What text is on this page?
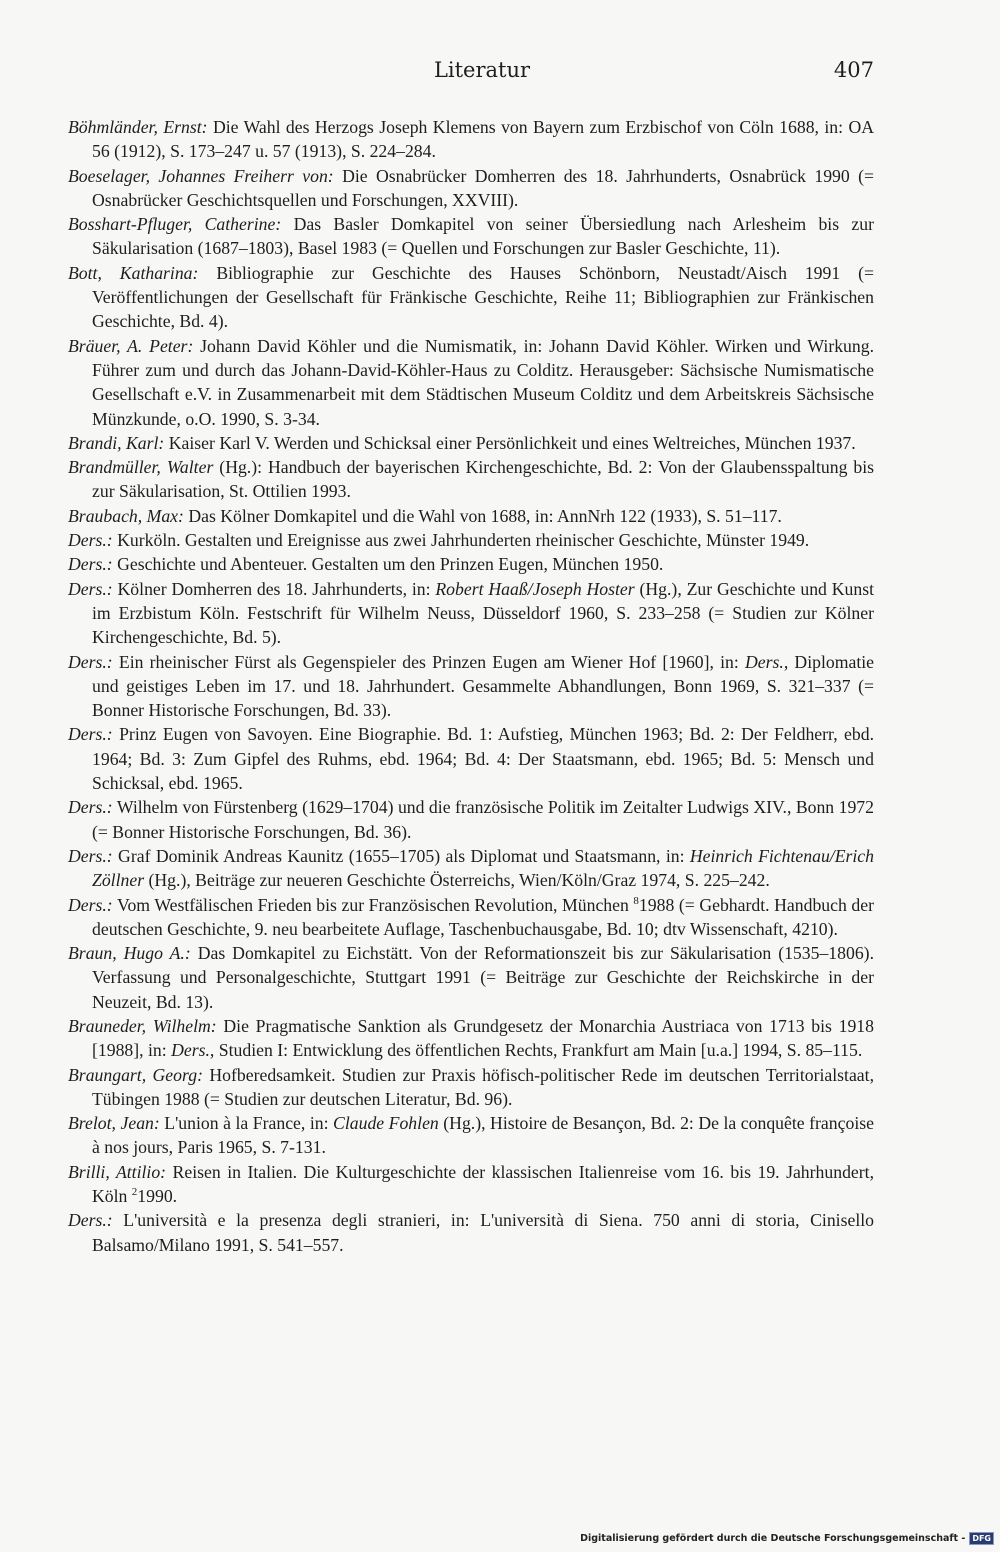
Literatur	407

Böhmländer, Ernst: Die Wahl des Herzogs Joseph Klemens von Bayern zum Erzbischof von Cöln 1688, in: OA 56 (1912), S. 173–247 u. 57 (1913), S. 224–284.

Boeselager, Johannes Freiherr von: Die Osnabrücker Domherren des 18. Jahrhunderts, Osnabrück 1990 (= Osnabrücker Geschichtsquellen und Forschungen, XXVIII).

Bosshart-Pfluger, Catherine: Das Basler Domkapitel von seiner Übersiedlung nach Arlesheim bis zur Säkularisation (1687–1803), Basel 1983 (= Quellen und Forschungen zur Basler Geschichte, 11).

Bott, Katharina: Bibliographie zur Geschichte des Hauses Schönborn, Neustadt/Aisch 1991 (= Veröffentlichungen der Gesellschaft für Fränkische Geschichte, Reihe 11; Bibliographien zur Fränkischen Geschichte, Bd. 4).

Bräuer, A. Peter: Johann David Köhler und die Numismatik, in: Johann David Köhler. Wirken und Wirkung. Führer zum und durch das Johann-David-Köhler-Haus zu Colditz. Herausgeber: Sächsische Numismatische Gesellschaft e.V. in Zusammenarbeit mit dem Städtischen Museum Colditz und dem Arbeitskreis Sächsische Münzkunde, o.O. 1990, S. 3-34.

Brandi, Karl: Kaiser Karl V. Werden und Schicksal einer Persönlichkeit und eines Weltreiches, München 1937.

Brandmüller, Walter (Hg.): Handbuch der bayerischen Kirchengeschichte, Bd. 2: Von der Glaubensspaltung bis zur Säkularisation, St. Ottilien 1993.

Braubach, Max: Das Kölner Domkapitel und die Wahl von 1688, in: AnnNrh 122 (1933), S. 51–117.

Ders.: Kurköln. Gestalten und Ereignisse aus zwei Jahrhunderten rheinischer Geschichte, Münster 1949.

Ders.: Geschichte und Abenteuer. Gestalten um den Prinzen Eugen, München 1950.

Ders.: Kölner Domherren des 18. Jahrhunderts, in: Robert Haaß/Joseph Hoster (Hg.), Zur Geschichte und Kunst im Erzbistum Köln. Festschrift für Wilhelm Neuss, Düsseldorf 1960, S. 233–258 (= Studien zur Kölner Kirchengeschichte, Bd. 5).

Ders.: Ein rheinischer Fürst als Gegenspieler des Prinzen Eugen am Wiener Hof [1960], in: Ders., Diplomatie und geistiges Leben im 17. und 18. Jahrhundert. Gesammelte Abhandlungen, Bonn 1969, S. 321–337 (= Bonner Historische Forschungen, Bd. 33).

Ders.: Prinz Eugen von Savoyen. Eine Biographie. Bd. 1: Aufstieg, München 1963; Bd. 2: Der Feldherr, ebd. 1964; Bd. 3: Zum Gipfel des Ruhms, ebd. 1964; Bd. 4: Der Staatsmann, ebd. 1965; Bd. 5: Mensch und Schicksal, ebd. 1965.

Ders.: Wilhelm von Fürstenberg (1629–1704) und die französische Politik im Zeitalter Ludwigs XIV., Bonn 1972 (= Bonner Historische Forschungen, Bd. 36).

Ders.: Graf Dominik Andreas Kaunitz (1655–1705) als Diplomat und Staatsmann, in: Heinrich Fichtenau/Erich Zöllner (Hg.), Beiträge zur neueren Geschichte Österreichs, Wien/Köln/Graz 1974, S. 225–242.

Ders.: Vom Westfälischen Frieden bis zur Französischen Revolution, München $^8$1988 (= Gebhardt. Handbuch der deutschen Geschichte, 9. neu bearbeitete Auflage, Taschenbuchausgabe, Bd. 10; dtv Wissenschaft, 4210).

Braun, Hugo A.: Das Domkapitel zu Eichstätt. Von der Reformationszeit bis zur Säkularisation (1535–1806). Verfassung und Personalgeschichte, Stuttgart 1991 (= Beiträge zur Geschichte der Reichskirche in der Neuzeit, Bd. 13).

Brauneder, Wilhelm: Die Pragmatische Sanktion als Grundgesetz der Monarchia Austriaca von 1713 bis 1918 [1988], in: Ders., Studien I: Entwicklung des öffentlichen Rechts, Frankfurt am Main [u.a.] 1994, S. 85–115.

Braungart, Georg: Hofberedsamkeit. Studien zur Praxis höfisch-politischer Rede im deutschen Territorialstaat, Tübingen 1988 (= Studien zur deutschen Literatur, Bd. 96).

Brelot, Jean: L'union à la France, in: Claude Fohlen (Hg.), Histoire de Besançon, Bd. 2: De la conquête françoise à nos jours, Paris 1965, S. 7-131.

Brilli, Attilio: Reisen in Italien. Die Kulturgeschichte der klassischen Italienreise vom 16. bis 19. Jahrhundert, Köln $^2$1990.

Ders.: L'università e la presenza degli stranieri, in: L'università di Siena. 750 anni di storia, Cinisello Balsamo/Milano 1991, S. 541–557.

Digitalisierung gefördert durch die Deutsche Forschungsgemeinschaft - DFG
